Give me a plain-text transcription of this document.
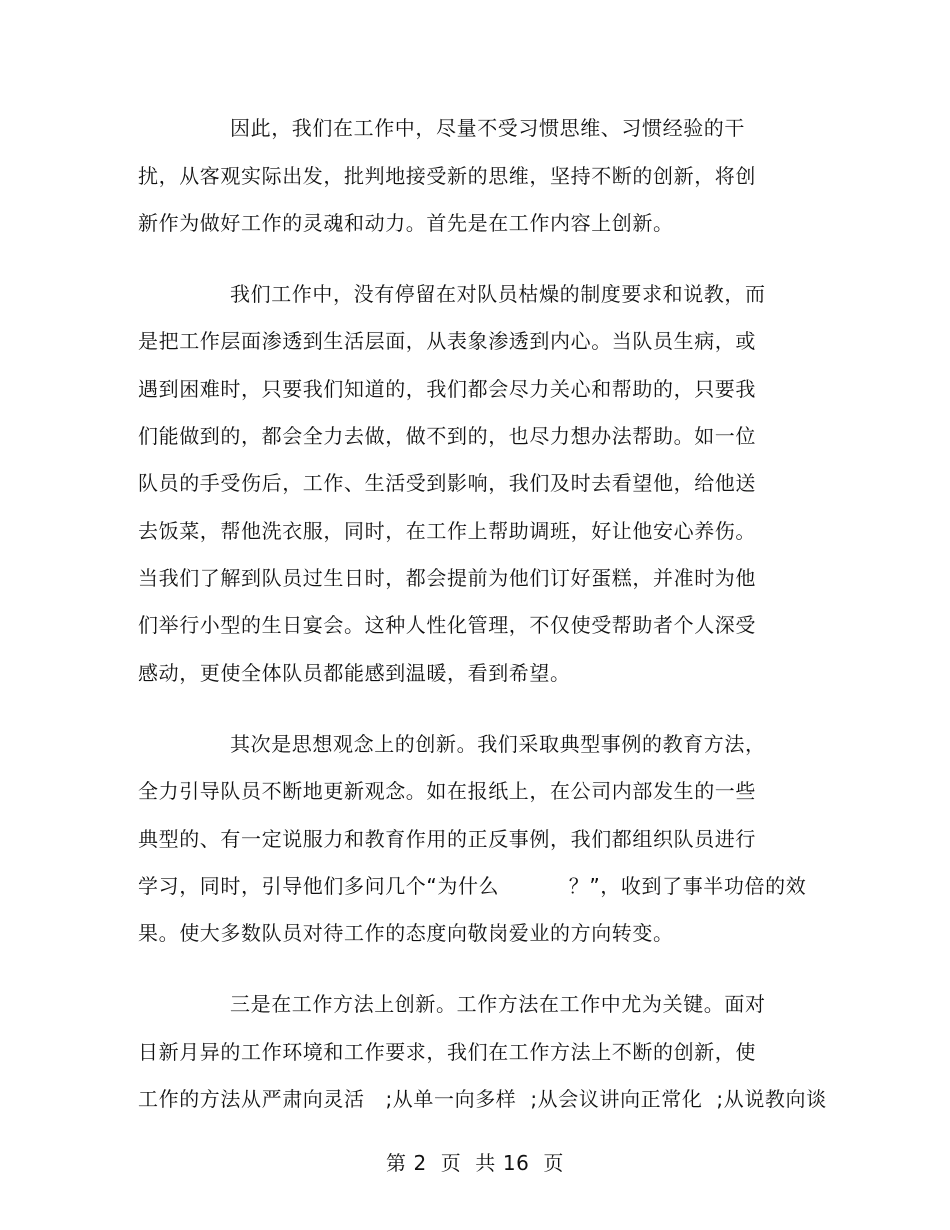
因此，我们在工作中，尽量不受习惯思维、习惯经验的干
扰，从客观实际出发，批判地接受新的思维，坚持不断的创新，将创
新作为做好工作的灵魂和动力。首先是在工作内容上创新。
我们工作中，没有停留在对队员枯燥的制度要求和说教，而
是把工作层面渗透到生活层面，从表象渗透到内心。当队员生病，或
遇到困难时，只要我们知道的，我们都会尽力关心和帮助的，只要我
们能做到的，都会全力去做，做不到的，也尽力想办法帮助。如一位
队员的手受伤后，工作、生活受到影响，我们及时去看望他，给他送
去饭菜，帮他洗衣服，同时，在工作上帮助调班，好让他安心养伤。
当我们了解到队员过生日时，都会提前为他们订好蛋糕，并准时为他
们举行小型的生日宴会。这种人性化管理，不仅使受帮助者个人深受
感动，更使全体队员都能感到温暖，看到希望。
其次是思想观念上的创新。我们采取典型事例的教育方法，
全力引导队员不断地更新观念。如在报纸上，在公司内部发生的一些
典型的、有一定说服力和教育作用的正反事例，我们都组织队员进行
学习，同时，引导他们多问几个“为什么          ？”，收到了事半功倍的效
果。使大多数队员对待工作的态度向敬岗爱业的方向转变。
三是在工作方法上创新。工作方法在工作中尤为关键。面对
日新月异的工作环境和工作要求，我们在工作方法上不断的创新，使
工作的方法从严肃向灵活   ;从单一向多样  ;从会议讲向正常化  ;从说教向谈
第 2  页  共 16  页
